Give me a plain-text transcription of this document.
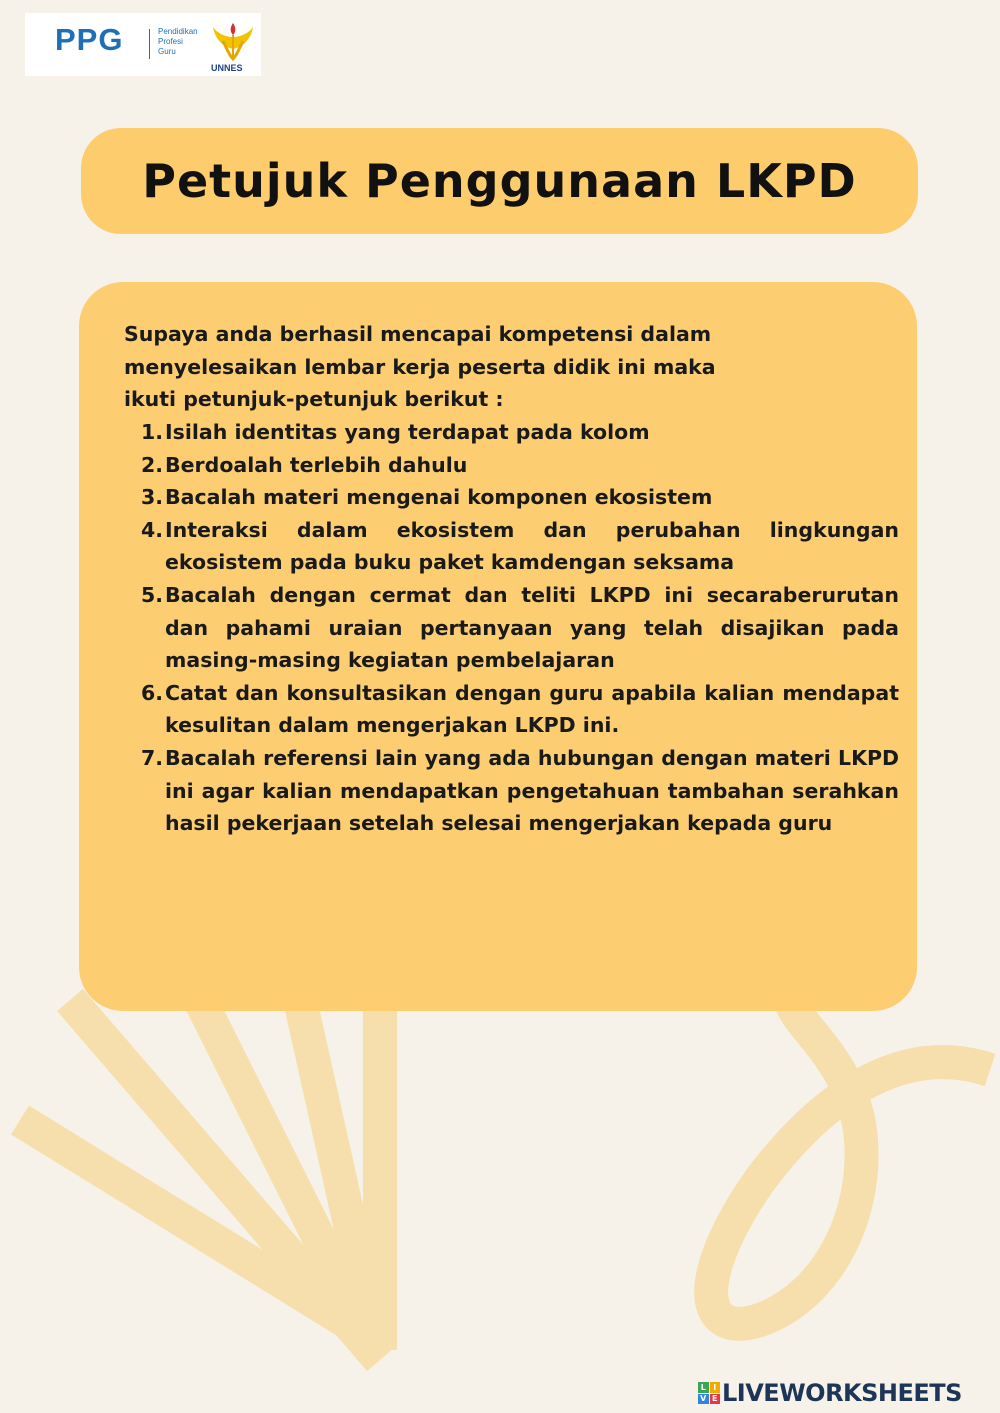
PPG	Pendidikan
Profesi
Guru
UNNES
Petujuk Penggunaan LKPD
Supaya anda berhasil mencapai kompetensi dalam
menyelesaikan lembar kerja peserta didik ini maka
ikuti petunjuk-petunjuk berikut :
1. Isilah identitas yang terdapat pada kolom
2. Berdoalah terlebih dahulu
3. Bacalah materi mengenai komponen ekosistem
4. Interaksi dalam ekosistem dan perubahan lingkungan ekosistem pada buku paket kamdengan seksama
5. Bacalah dengan cermat dan teliti LKPD ini secaraberurutan dan pahami uraian pertanyaan yang telah disajikan pada masing-masing kegiatan pembelajaran
6. Catat dan konsultasikan dengan guru apabila kalian mendapat kesulitan dalam mengerjakan LKPD ini.
7. Bacalah referensi lain yang ada hubungan dengan materi LKPD ini agar kalian mendapatkan pengetahuan tambahan serahkan hasil pekerjaan setelah selesai mengerjakan kepada guru
L I
V E LIVEWORKSHEETS
